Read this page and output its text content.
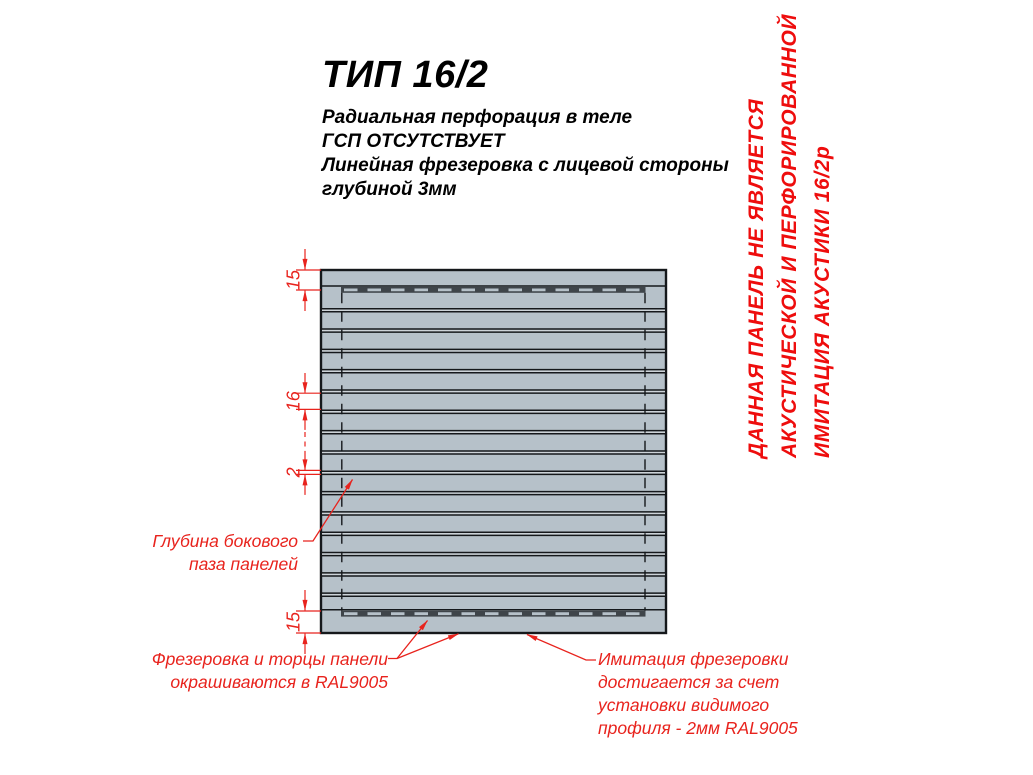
ТИП 16/2
Радиальная перфорация в теле
ГСП ОТСУТСТВУЕТ
Линейная фрезеровка с лицевой стороны
глубиной 3мм
15
16
2
15
ДАННАЯ ПАНЕЛЬ НЕ ЯВЛЯЕТСЯ АКУСТИЧЕСКОЙ И ПЕРФОРИРОВАННОЙ ИМИТАЦИЯ АКУСТИКИ 16/2р
Глубина бокового
паза панелей
Фрезеровка и торцы панели
окрашиваются в RAL9005
Имитация фрезеровки
достигается за счет
установки видимого
профиля - 2мм RAL9005
